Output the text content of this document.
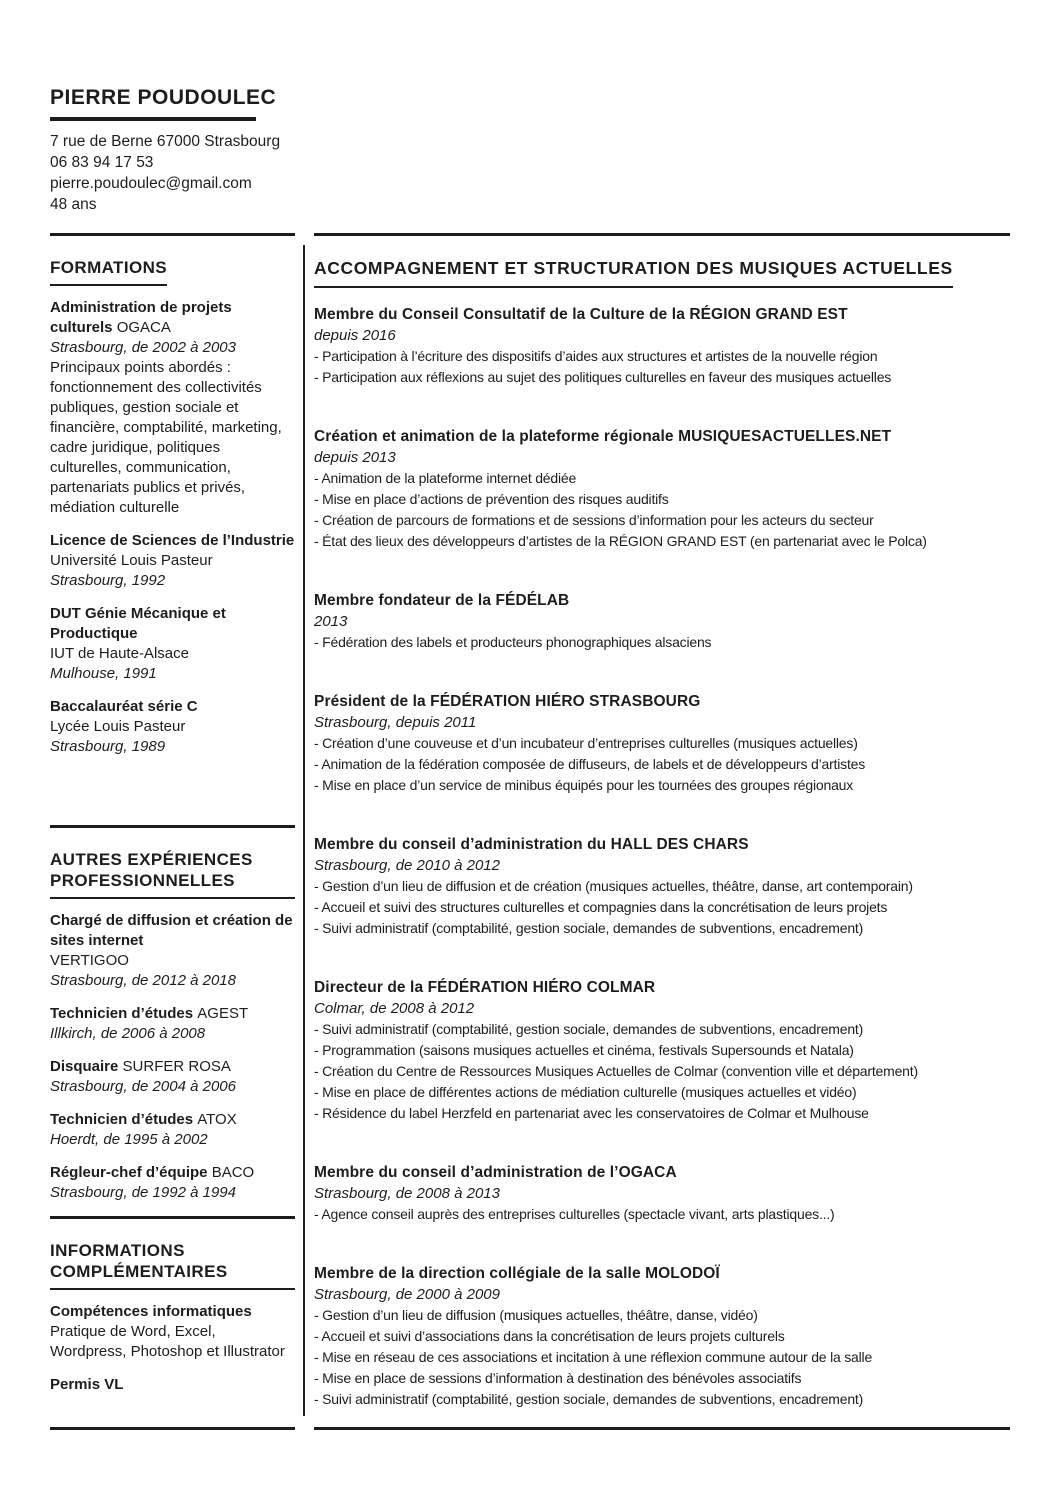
PIERRE POUDOULEC

7 rue de Berne 67000 Strasbourg

06 83 94 17 53

pierre.poudoulec@gmail.com

48 ans

FORMATIONS
Administration de projets culturels OGACA
Strasbourg, de 2002 à 2003
Principaux points abordés : fonctionnement des collectivités publiques, gestion sociale et financière, comptabilité, marketing, cadre juridique, politiques culturelles, communication, partenariats publics et privés, médiation culturelle
Licence de Sciences de l’Industrie
Université Louis Pasteur
Strasbourg, 1992
DUT Génie Mécanique et Productique
IUT de Haute-Alsace
Mulhouse, 1991
Baccalauréat série C
Lycée Louis Pasteur
Strasbourg, 1989
AUTRES EXPÉRIENCES PROFESSIONNELLES
Chargé de diffusion et création de sites internet
VERTIGOO
Strasbourg, de 2012 à 2018
Technicien d’études AGEST
Illkirch, de 2006 à 2008
Disquaire SURFER ROSA
Strasbourg, de 2004 à 2006
Technicien d’études ATOX
Hoerdt, de 1995 à 2002
Régleur-chef d’équipe BACO
Strasbourg, de 1992 à 1994
INFORMATIONS COMPLÉMENTAIRES
Compétences informatiques
Pratique de Word, Excel, Wordpress, Photoshop et Illustrator
Permis VL
ACCOMPAGNEMENT ET STRUCTURATION DES MUSIQUES ACTUELLES
Membre du Conseil Consultatif de la Culture de la RÉGION GRAND EST
depuis 2016
- Participation à l’écriture des dispositifs d’aides aux structures et artistes de la nouvelle région
- Participation aux réflexions au sujet des politiques culturelles en faveur des musiques actuelles
Création et animation de la plateforme régionale MUSIQUESACTUELLES.NET
depuis 2013
- Animation de la plateforme internet dédiée
- Mise en place d’actions de prévention des risques auditifs
- Création de parcours de formations et de sessions d’information pour les acteurs du secteur
- État des lieux des développeurs d’artistes de la RÉGION GRAND EST (en partenariat avec le Polca)
Membre fondateur de la FÉDÉLAB
2013
- Fédération des labels et producteurs phonographiques alsaciens
Président de la FÉDÉRATION HIÉRO STRASBOURG
Strasbourg, depuis 2011
- Création d’une couveuse et d’un incubateur d’entreprises culturelles (musiques actuelles)
- Animation de la fédération composée de diffuseurs, de labels et de développeurs d’artistes
- Mise en place d’un service de minibus équipés pour les tournées des groupes régionaux
Membre du conseil d’administration du HALL DES CHARS
Strasbourg, de 2010 à 2012
- Gestion d’un lieu de diffusion et de création (musiques actuelles, théâtre, danse, art contemporain)
- Accueil et suivi des structures culturelles et compagnies dans la concrétisation de leurs projets
- Suivi administratif (comptabilité, gestion sociale, demandes de subventions, encadrement)
Directeur de la FÉDÉRATION HIÉRO COLMAR
Colmar, de 2008 à 2012
- Suivi administratif (comptabilité, gestion sociale, demandes de subventions, encadrement)
- Programmation (saisons musiques actuelles et cinéma, festivals Supersounds et Natala)
- Création du Centre de Ressources Musiques Actuelles de Colmar (convention ville et département)
- Mise en place de différentes actions de médiation culturelle (musiques actuelles et vidéo)
- Résidence du label Herzfeld en partenariat avec les conservatoires de Colmar et Mulhouse
Membre du conseil d’administration de l’OGACA
Strasbourg, de 2008 à 2013
- Agence conseil auprès des entreprises culturelles (spectacle vivant, arts plastiques...)
Membre de la direction collégiale de la salle MOLODOÏ
Strasbourg, de 2000 à 2009
- Gestion d’un lieu de diffusion (musiques actuelles, théâtre, danse, vidéo)
- Accueil et suivi d’associations dans la concrétisation de leurs projets culturels
- Mise en réseau de ces associations et incitation à une réflexion commune autour de la salle
- Mise en place de sessions d’information à destination des bénévoles associatifs
- Suivi administratif (comptabilité, gestion sociale, demandes de subventions, encadrement)
